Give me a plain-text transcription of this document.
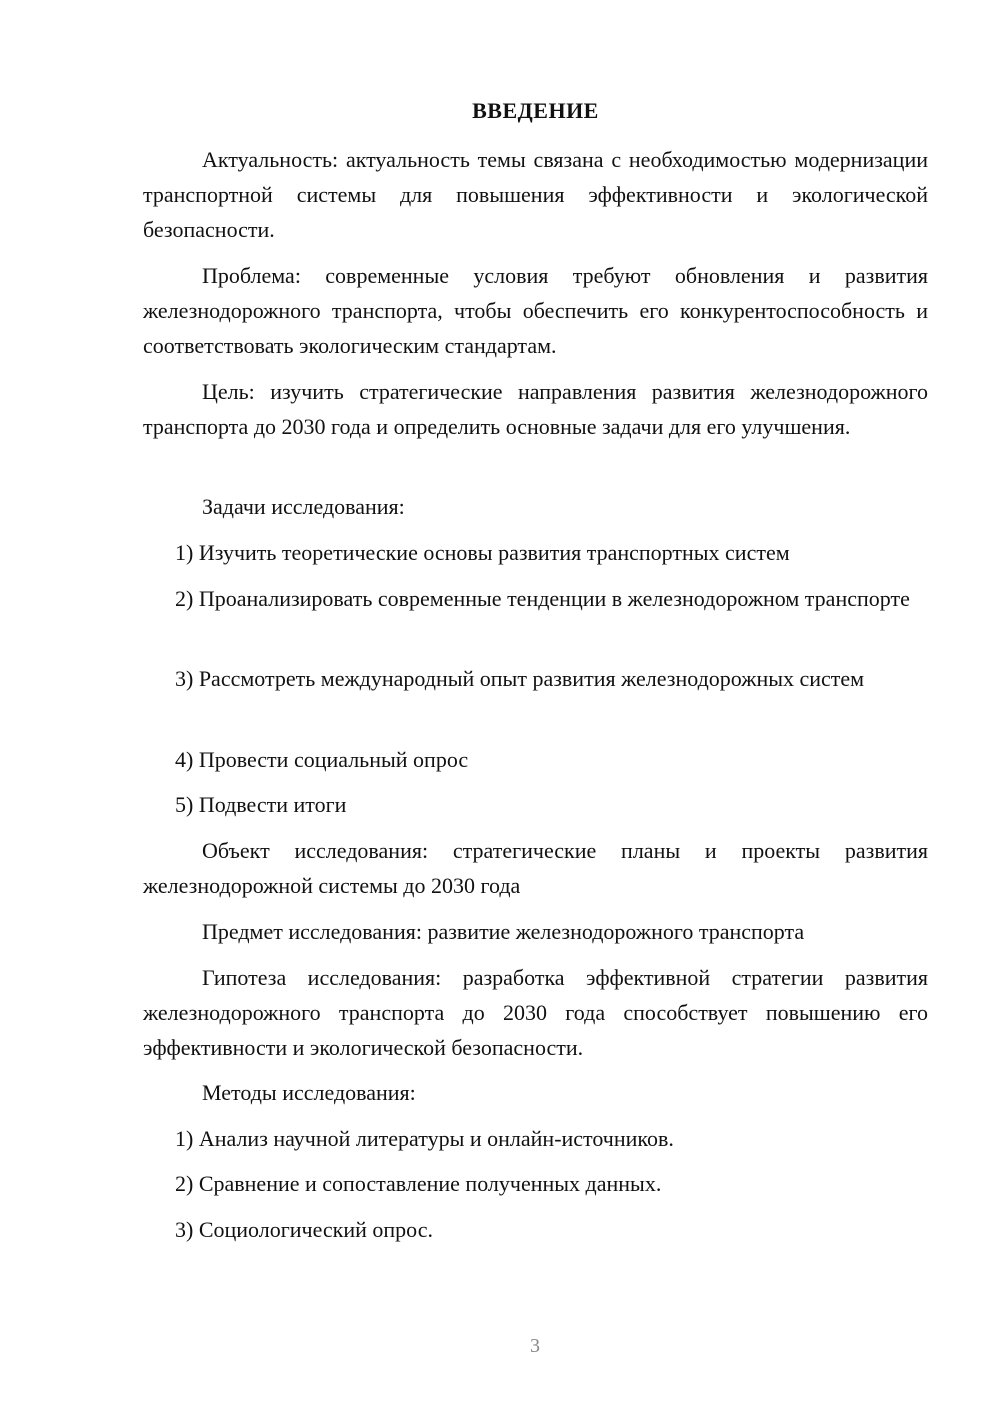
ВВЕДЕНИЕ

Актуальность: актуальность темы связана с необходимостью модернизации транспортной системы для повышения эффективности и экологической безопасности.

Проблема: современные условия требуют обновления и развития железнодорожного транспорта, чтобы обеспечить его конкурентоспособность и соответствовать экологическим стандартам.

Цель: изучить стратегические направления развития железнодорожного транспорта до 2030 года и определить основные задачи для его улучшения.

Задачи исследования:

1) Изучить теоретические основы развития транспортных систем

2) Проанализировать современные тенденции в железнодорожном транспорте

3) Рассмотреть международный опыт развития железнодорожных систем

4) Провести социальный опрос

5) Подвести итоги

Объект исследования: стратегические планы и проекты развития железнодорожной системы до 2030 года

Предмет исследования: развитие железнодорожного транспорта

Гипотеза исследования: разработка эффективной стратегии развития железнодорожного транспорта до 2030 года способствует повышению его эффективности и экологической безопасности.

Методы исследования:

1) Анализ научной литературы и онлайн-источников.

2) Сравнение и сопоставление полученных данных.

3) Социологический опрос.

3
